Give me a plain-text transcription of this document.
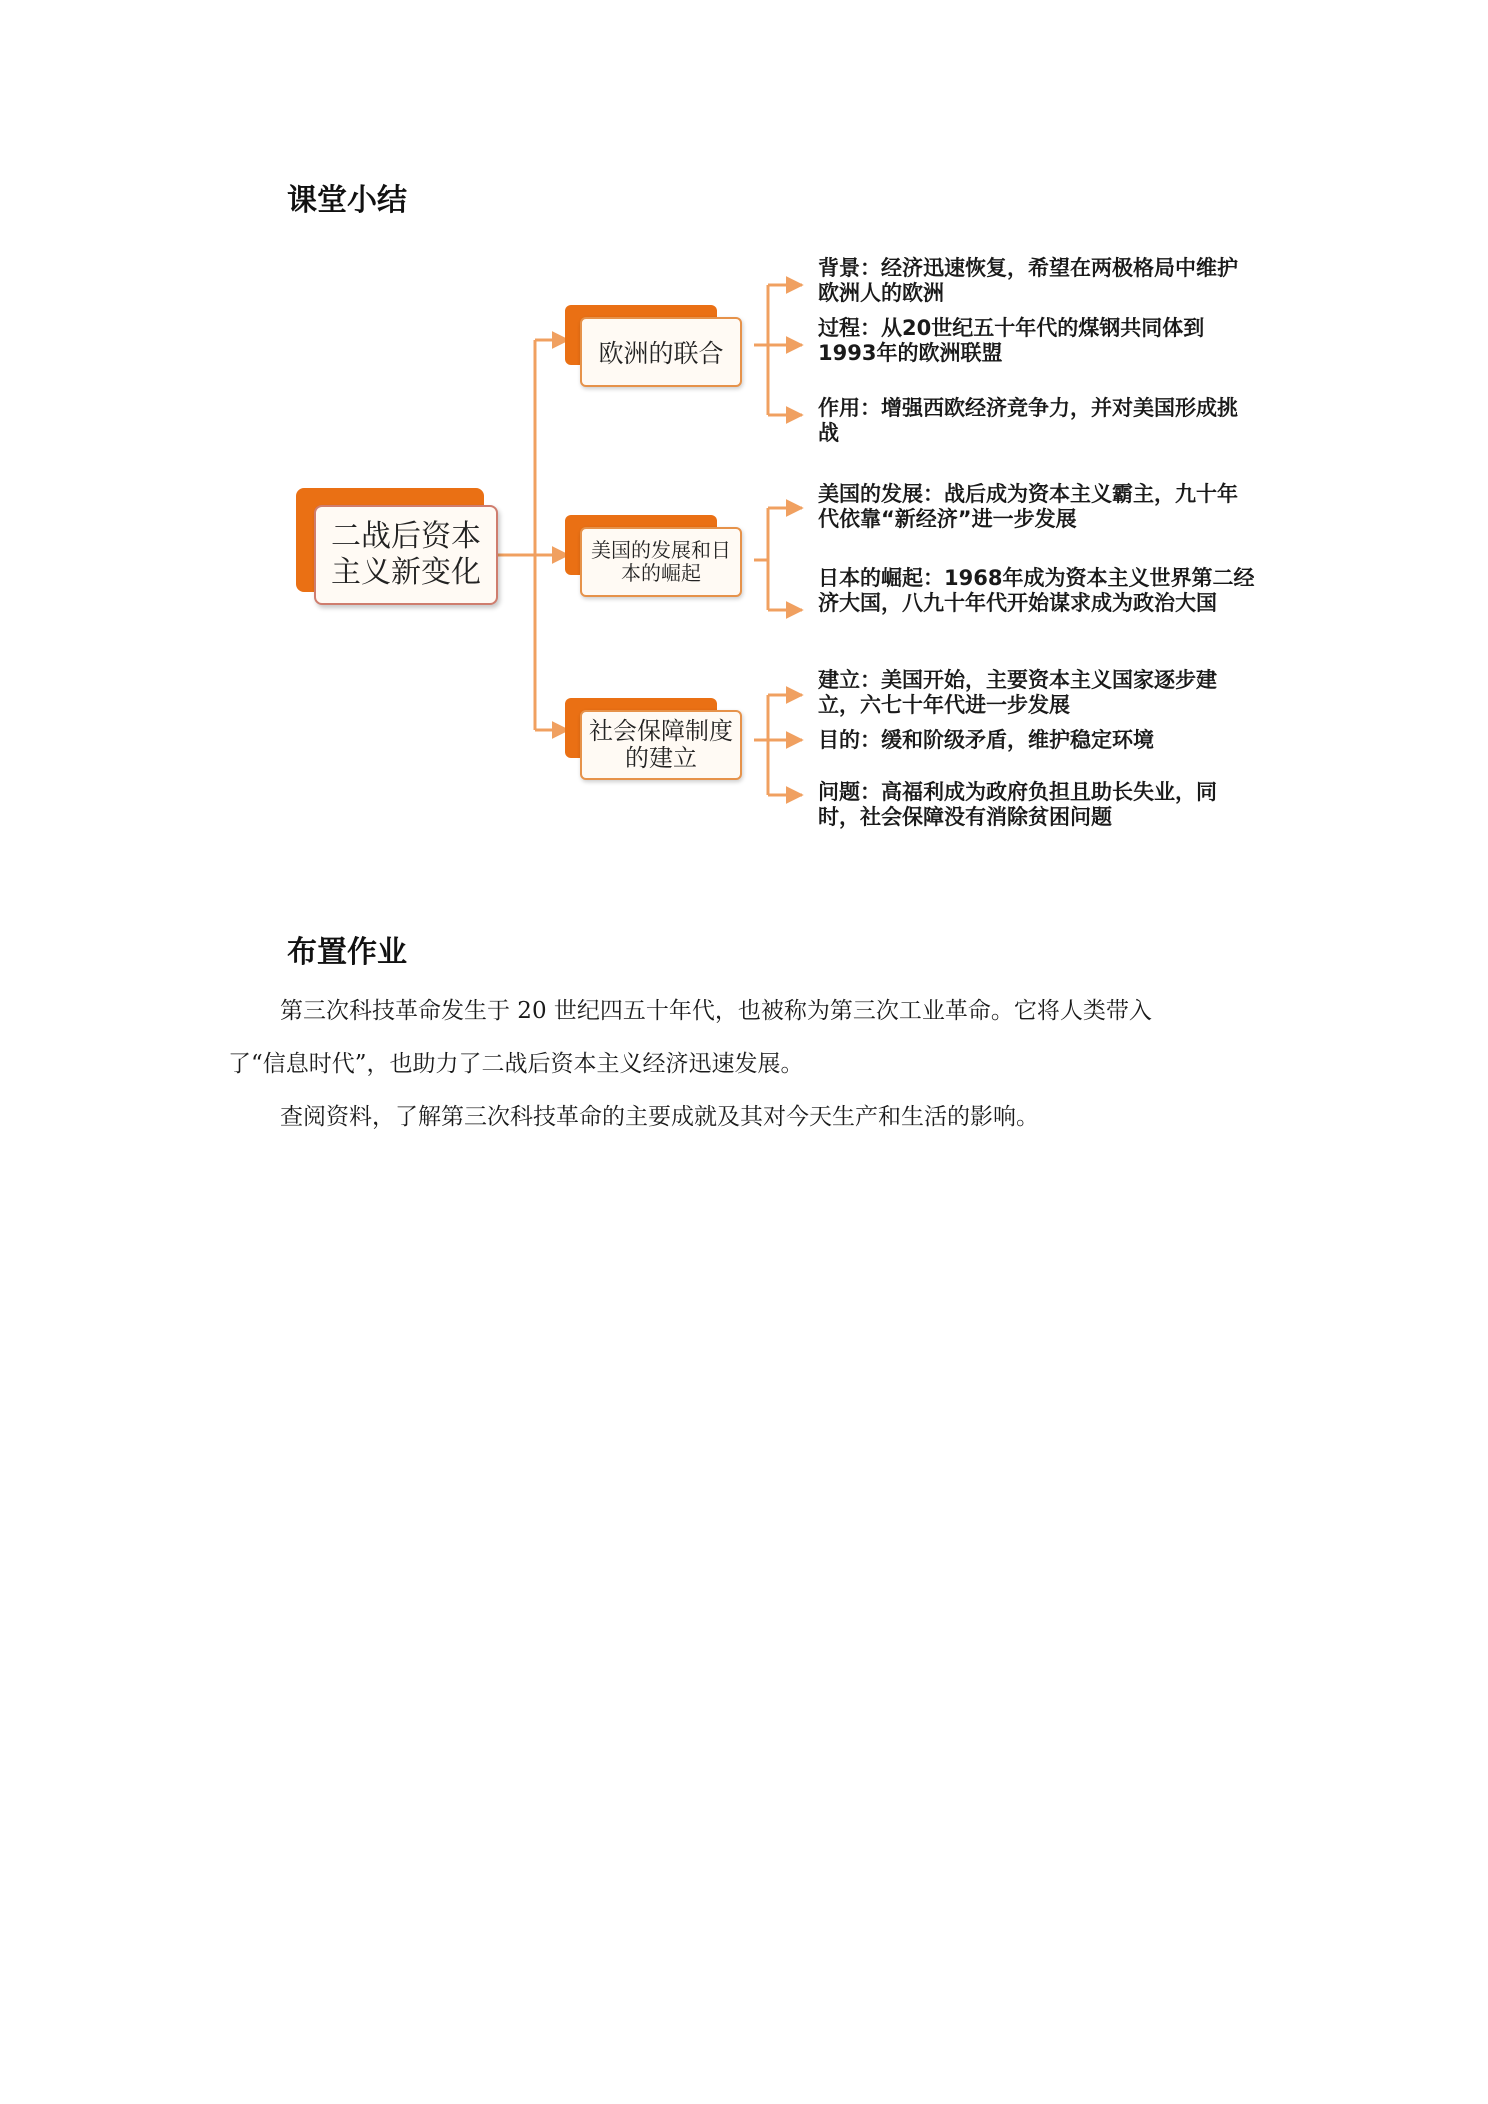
课堂小结
二战后资本主义新变化
欧洲的联合
美国的发展和日本的崛起
社会保障制度的建立

背景：经济迅速恢复，希望在两极格局中维护欧洲人的欧洲

过程：从20世纪五十年代的煤钢共同体到1993年的欧洲联盟

作用：增强西欧经济竞争力，并对美国形成挑战

美国的发展：战后成为资本主义霸主，九十年代依靠“新经济”进一步发展

日本的崛起：1968年成为资本主义世界第二经济大国，八九十年代开始谋求成为政治大国

建立：美国开始，主要资本主义国家逐步建立，六七十年代进一步发展

目的：缓和阶级矛盾，维护稳定环境

问题：高福利成为政府负担且助长失业，同时，社会保障没有消除贫困问题

布置作业

第三次科技革命发生于 20 世纪四五十年代，也被称为第三次工业革命。它将人类带入

了“信息时代”，也助力了二战后资本主义经济迅速发展。

查阅资料，了解第三次科技革命的主要成就及其对今天生产和生活的影响。
